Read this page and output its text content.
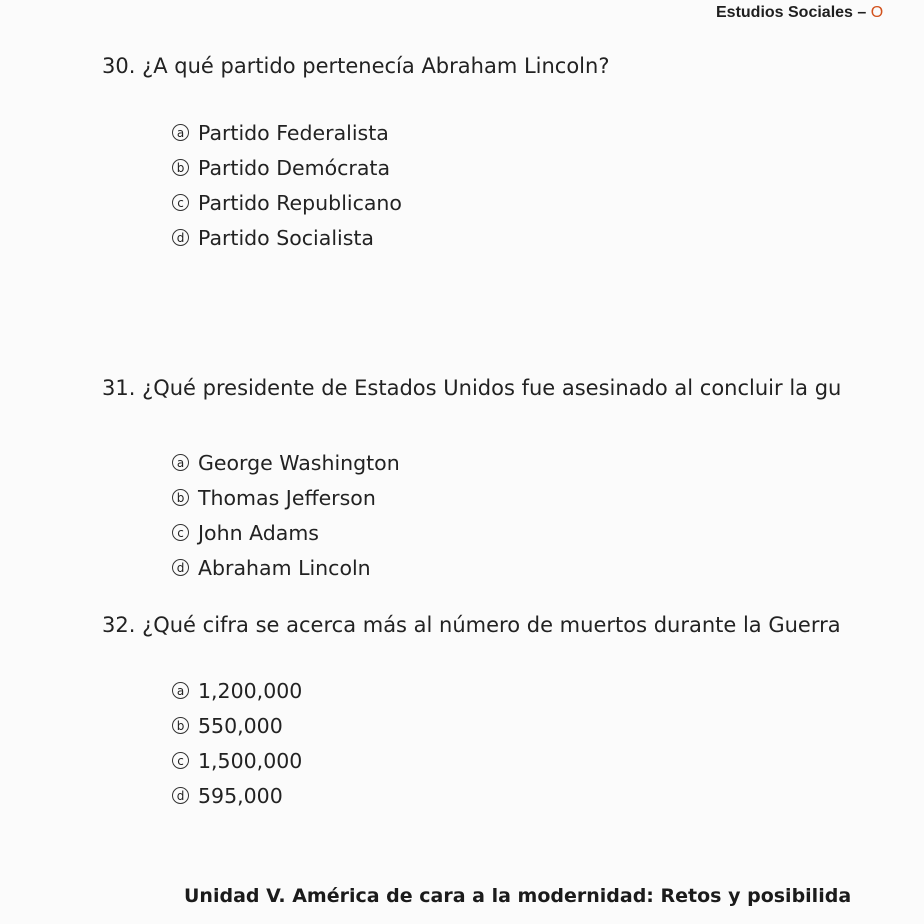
Estudios Sociales – O
30. ¿A qué partido pertenecía Abraham Lincoln?
a Partido Federalista
b Partido Demócrata
c Partido Republicano
d Partido Socialista
31. ¿Qué presidente de Estados Unidos fue asesinado al concluir la gu
a George Washington
b Thomas Jefferson
c John Adams
d Abraham Lincoln
32. ¿Qué cifra se acerca más al número de muertos durante la Guerra
a 1,200,000
b 550,000
c 1,500,000
d 595,000
Unidad V. América de cara a la modernidad: Retos y posibilida
